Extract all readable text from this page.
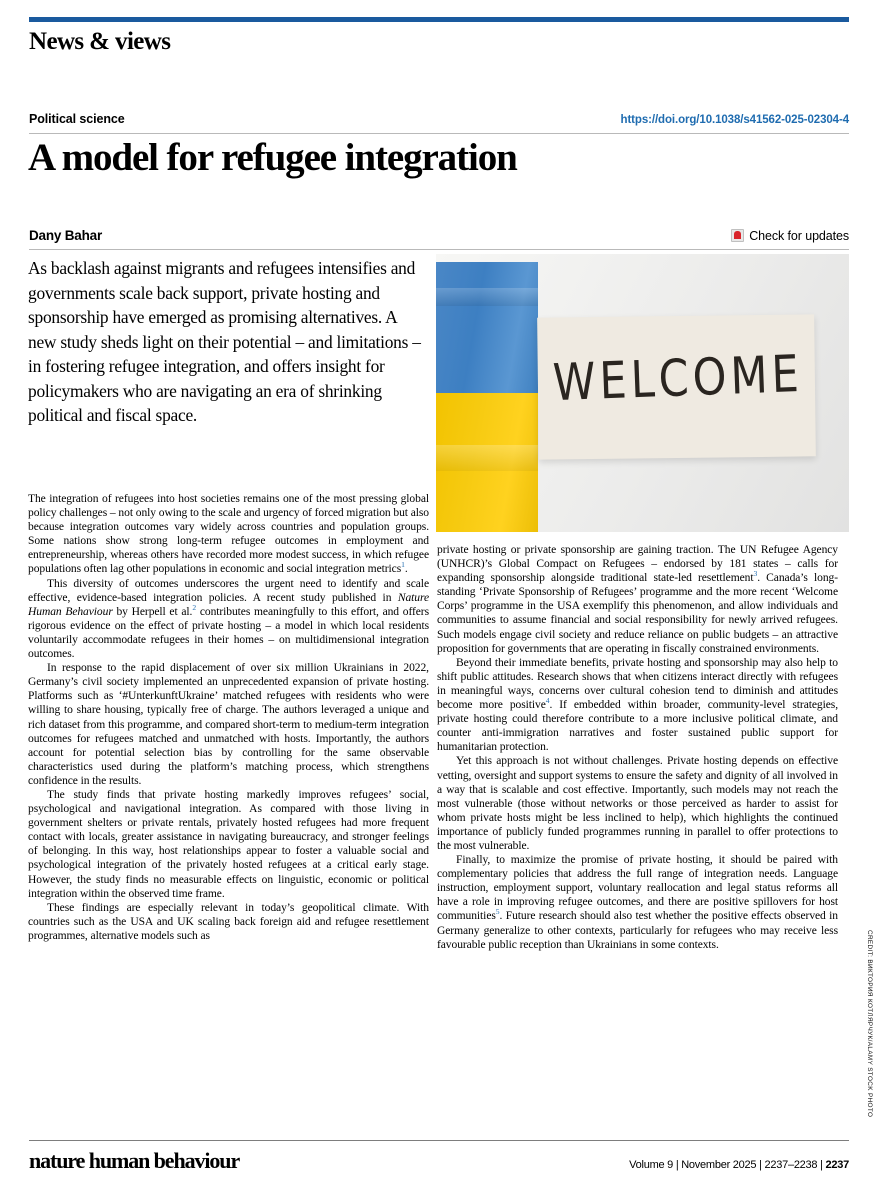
News & views
Political science	https://doi.org/10.1038/s41562-025-02304-4
A model for refugee integration
Dany Bahar	Check for updates
As backlash against migrants and refugees intensifies and governments scale back support, private hosting and sponsorship have emerged as promising alternatives. A new study sheds light on their potential – and limitations – in fostering refugee integration, and offers insight for policymakers who are navigating an era of shrinking political and fiscal space.
WELCOME
CREDIT: ВИКТОРИЯ КОТЛЯРЧУК/ALAMY STOCK PHOTO

The integration of refugees into host societies remains one of the most pressing global policy challenges – not only owing to the scale and urgency of forced migration but also because integration outcomes vary widely across countries and population groups. Some nations show strong long-term refugee outcomes in employment and entrepreneurship, whereas others have recorded more modest success, in which refugee populations often lag other populations in economic and social integration metrics$^1$.

This diversity of outcomes underscores the urgent need to identify and scale effective, evidence-based integration policies. A recent study published in Nature Human Behaviour by Herpell et al.$^2$ contributes meaningfully to this effort, and offers rigorous evidence on the effect of private hosting – a model in which local residents voluntarily accommodate refugees in their homes – on multidimensional integration outcomes.

In response to the rapid displacement of over six million Ukrainians in 2022, Germany’s civil society implemented an unprecedented expansion of private hosting. Platforms such as ‘#UnterkunftUkraine’ matched refugees with residents who were willing to share housing, typically free of charge. The authors leveraged a unique and rich dataset from this programme, and compared short-term to medium-term integration outcomes for refugees matched and unmatched with hosts. Importantly, the authors account for potential selection bias by controlling for the same observable characteristics used during the platform’s matching process, which strengthens confidence in the results.

The study finds that private hosting markedly improves refugees’ social, psychological and navigational integration. As compared with those living in government shelters or private rentals, privately hosted refugees had more frequent contact with locals, greater assistance in navigating bureaucracy, and stronger feelings of belonging. In this way, host relationships appear to foster a valuable social and psychological integration of the privately hosted refugees at a critical early stage. However, the study finds no measurable effects on linguistic, economic or political integration within the observed time frame.

These findings are especially relevant in today’s geopolitical climate. With countries such as the USA and UK scaling back foreign aid and refugee resettlement programmes, alternative models such as

private hosting or private sponsorship are gaining traction. The UN Refugee Agency (UNHCR)’s Global Compact on Refugees – endorsed by 181 states – calls for expanding sponsorship alongside traditional state-led resettlement$^3$. Canada’s long-standing ‘Private Sponsorship of Refugees’ programme and the more recent ‘Welcome Corps’ programme in the USA exemplify this phenomenon, and allow individuals and communities to assume financial and social responsibility for newly arrived refugees. Such models engage civil society and reduce reliance on public budgets – an attractive proposition for governments that are operating in fiscally constrained environments.

Beyond their immediate benefits, private hosting and sponsorship may also help to shift public attitudes. Research shows that when citizens interact directly with refugees in meaningful ways, concerns over cultural cohesion tend to diminish and attitudes become more positive$^4$. If embedded within broader, community-level strategies, private hosting could therefore contribute to a more inclusive political climate, and counter anti-immigration narratives and foster sustained public support for humanitarian protection.

Yet this approach is not without challenges. Private hosting depends on effective vetting, oversight and support systems to ensure the safety and dignity of all involved in a way that is scalable and cost effective. Importantly, such models may not reach the most vulnerable (those without networks or those perceived as harder to assist for whom private hosts might be less inclined to help), which highlights the continued importance of publicly funded programmes running in parallel to offer protections to the most vulnerable.

Finally, to maximize the promise of private hosting, it should be paired with complementary policies that address the full range of integration needs. Language instruction, employment support, voluntary reallocation and legal status reforms all have a role in improving refugee outcomes, and there are positive spillovers for host communities$^5$. Future research should also test whether the positive effects observed in Germany generalize to other contexts, particularly for refugees who may receive less favourable public reception than Ukrainians in some contexts.

nature human behaviour	Volume 9 | November 2025 | 2237–2238 | 2237
